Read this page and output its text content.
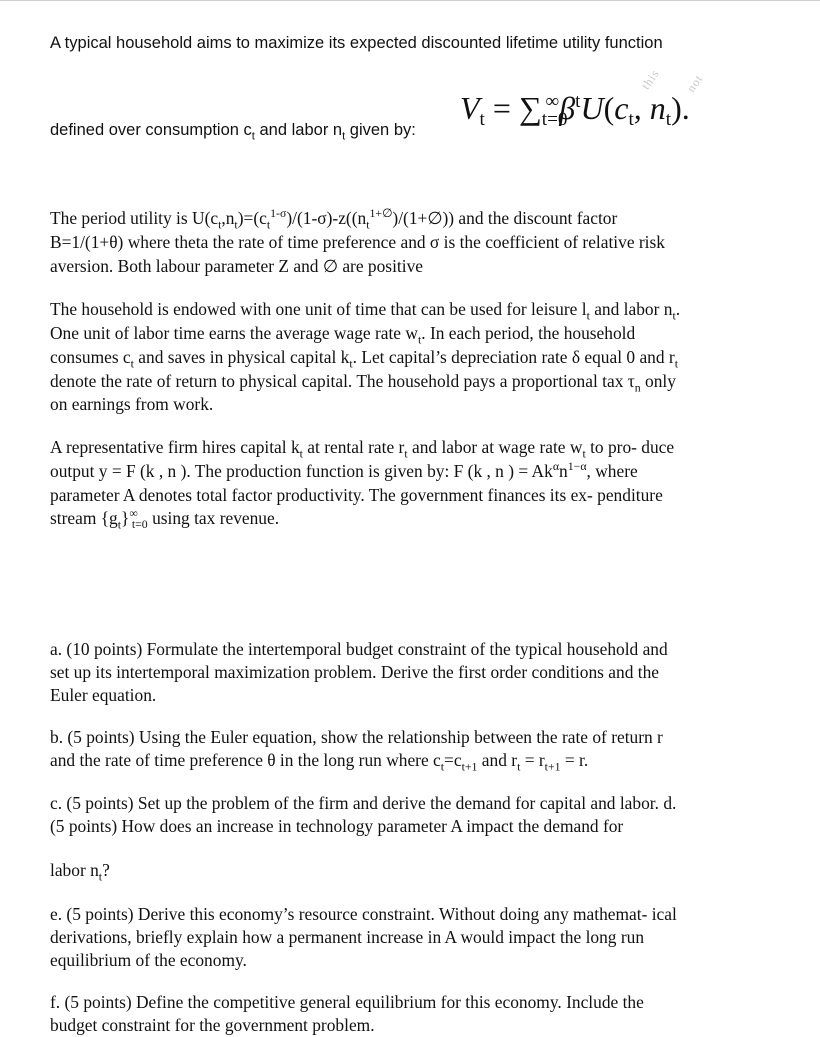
A typical household aims to maximize its expected discounted lifetime utility function

$Vt = \sum t=0^\infty\beta^tU(ct$, nt).
this not

defined over consumption $c_t$ and labor $n_t$ given by:

The period utility is $U(c_t,n_t)=(c_t^{1-\sigma})/(1-\sigma)-z((n_t^{1+\emptyset})/(1+\emptyset))$ and the discount factor

B=1/(1+θ) where theta the rate of time preference and σ is the coefficient of relative risk

aversion. Both labour parameter Z and ∅ are positive

The household is endowed with one unit of time that can be used for leisure $l_t$ and labor $n_t$.

One unit of labor time earns the average wage rate $w_t$. In each period, the household

consumes $c_t$ and saves in physical capital $k_t$. Let capital’s depreciation rate δ equal 0 and $r_t$

denote the rate of return to physical capital. The household pays a proportional tax $\tau_n$ only

on earnings from work.

A representative firm hires capital $k_t$ at rental rate $r_t$ and labor at wage rate $w_t$ to pro- duce

output y = F (k , n ). The production function is given by: F (k , n ) = $Ak^\alpha n^{1-\alpha}$, where

parameter A denotes total factor productivity. The government finances its ex- penditure

stream $\{g_t\}^\infty_{t=0}$ using tax revenue.

a. (10 points) Formulate the intertemporal budget constraint of the typical household and

set up its intertemporal maximization problem. Derive the first order conditions and the

Euler equation.

b. (5 points) Using the Euler equation, show the relationship between the rate of return r

and the rate of time preference θ in the long run where $c_t=c_{t+1}$ and $r_t = r_{t+1} = r$.

c. (5 points) Set up the problem of the firm and derive the demand for capital and labor. d.

(5 points) How does an increase in technology parameter A impact the demand for

labor $n_t$?

e. (5 points) Derive this economy’s resource constraint. Without doing any mathemat- ical

derivations, briefly explain how a permanent increase in A would impact the long run

equilibrium of the economy.

f. (5 points) Define the competitive general equilibrium for this economy. Include the

budget constraint for the government problem.
